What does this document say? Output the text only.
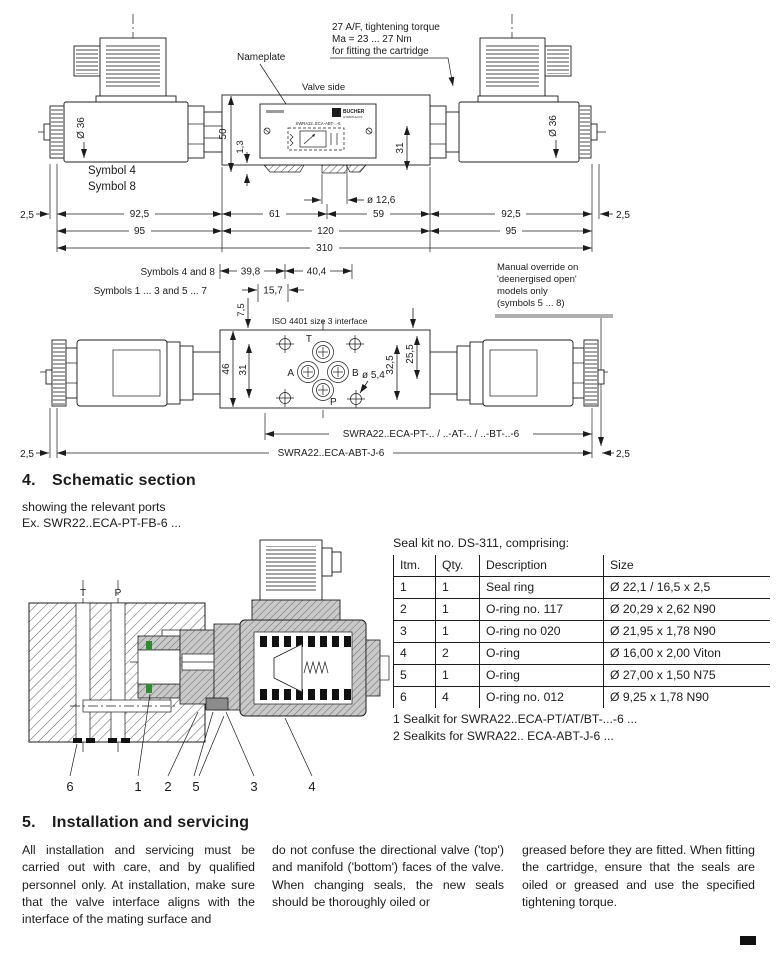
b BUCHER
HYDRAULICS
SWRA22..ECA-ABT-..-6
27 A/F, tightening torque
Ma = 23 ... 27 Nm
for fitting the cartridge
Nameplate
Valve side
Ø 36	Ø 36
Symbol 4
Symbol 8
50
1,3	31
ø 12,6
2,5	92,5	61	59	92,5	2,5
95	120	95
310
Symbols 4 and 8	39,8	40,4
Symbols 1 ... 3 and 5 ... 7	15,7
7,5
ISO 4401 size 3 interface
Manual override on
'deenergised open'
models only
(symbols 5 ... 8)
T
A	B
P
46 31	32,5
25,5
ø 5,4
SWRA22..ECA-PT-.. / ..-AT-.. / ..-BT-..-6
SWRA22..ECA-ABT-J-6
2,5	2,5
4. Schematic section
showing the relevant ports
Ex. SWR22..ECA-PT-FB-6 ...
T	P
6	1 2 5	3	4

Seal kit no. DS-311, comprising:

Itm.	Qty.	Description	Size
1	1	Seal ring	Ø 22,1 / 16,5 x 2,5
2	1	O-ring no. 117	Ø 20,29 x 2,62 N90
3	1	O-ring no 020	Ø 21,95 x 1,78 N90
4	2	O-ring	Ø 16,00 x 2,00 Viton
5	1	O-ring	Ø 27,00 x 1,50 N75
6	4	O-ring no. 012	Ø 9,25 x 1,78 N90
1 Sealkit for SWRA22..ECA-PT/AT/BT-...-6 ...
2 Sealkits for SWRA22.. ECA-ABT-J-6 ...
5. Installation and servicing

All installation and servicing must be carried out with care, and by qualified personnel only. At installation, make sure that the valve interface aligns with the interface of the mating surface and

do not confuse the directional valve ('top') and manifold ('bottom') faces of the valve. When changing seals, the new seals should be thoroughly oiled or

greased before they are fitted. When fitting the cartridge, ensure that the seals are oiled or greased and use the specified tightening torque.
